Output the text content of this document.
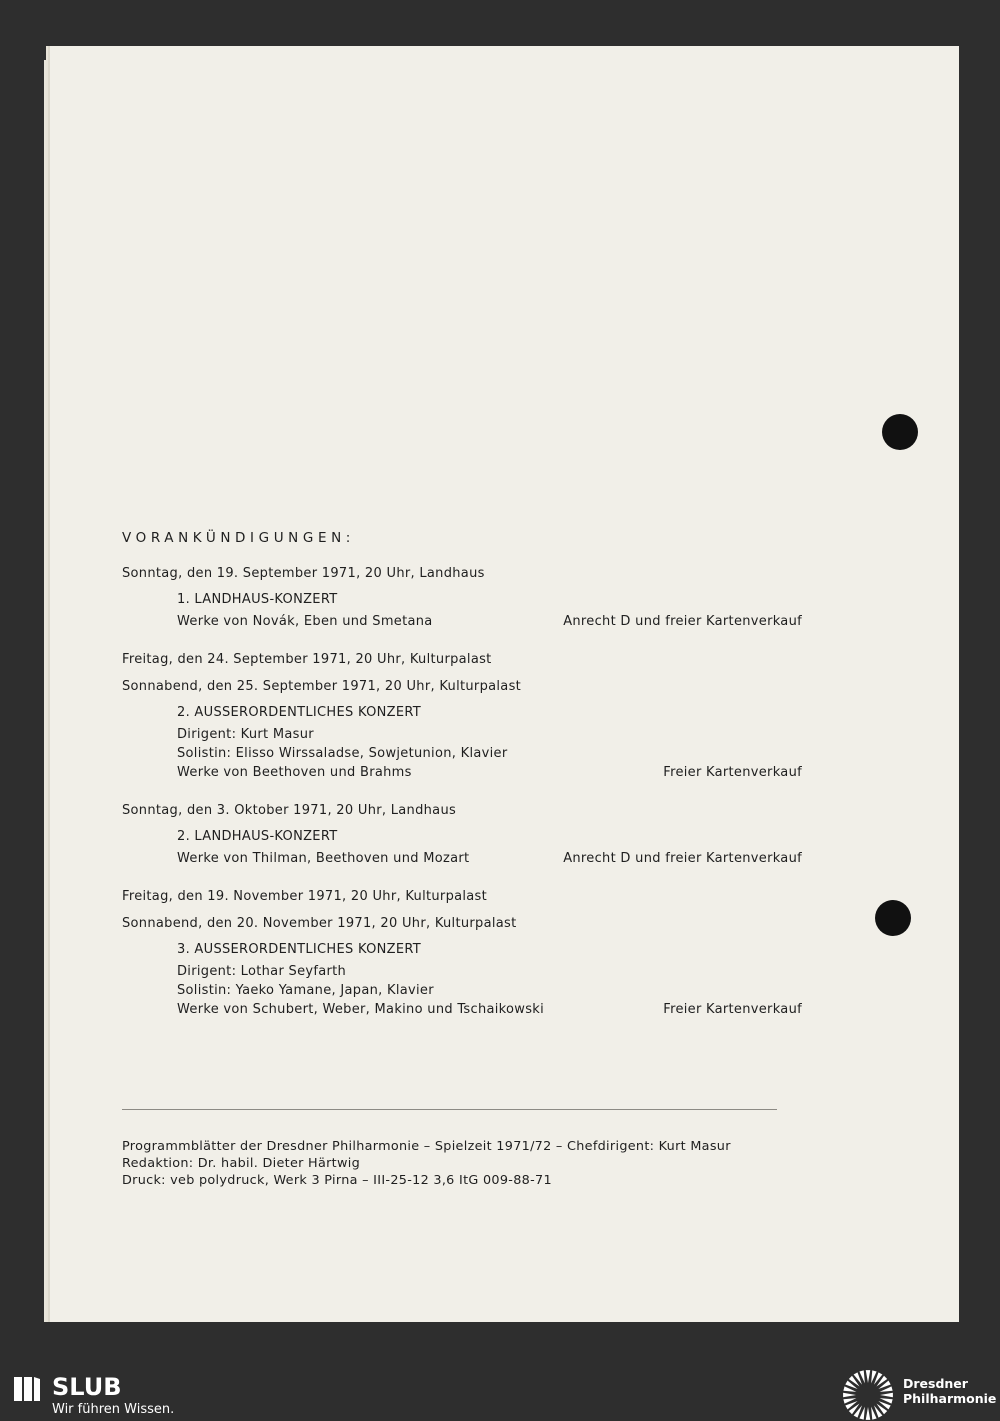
VORANKÜNDIGUNGEN:
Sonntag, den 19. September 1971, 20 Uhr, Landhaus
1. LANDHAUS-KONZERT
Werke von Novák, Eben und Smetana	Anrecht D und freier Kartenverkauf
Freitag, den 24. September 1971, 20 Uhr, Kulturpalast
Sonnabend, den 25. September 1971, 20 Uhr, Kulturpalast
2. AUSSERORDENTLICHES KONZERT
Dirigent: Kurt Masur
Solistin: Elisso Wirssaladse, Sowjetunion, Klavier
Werke von Beethoven und Brahms	Freier Kartenverkauf
Sonntag, den 3. Oktober 1971, 20 Uhr, Landhaus
2. LANDHAUS-KONZERT
Werke von Thilman, Beethoven und Mozart	Anrecht D und freier Kartenverkauf
Freitag, den 19. November 1971, 20 Uhr, Kulturpalast
Sonnabend, den 20. November 1971, 20 Uhr, Kulturpalast
3. AUSSERORDENTLICHES KONZERT
Dirigent: Lothar Seyfarth
Solistin: Yaeko Yamane, Japan, Klavier
Werke von Schubert, Weber, Makino und Tschaikowski	Freier Kartenverkauf
Programmblätter der Dresdner Philharmonie – Spielzeit 1971/72 – Chefdirigent: Kurt Masur
Redaktion: Dr. habil. Dieter Härtwig
Druck: veb polydruck, Werk 3 Pirna – III-25-12 3,6 ItG 009-88-71
SLUB
Wir führen Wissen.
Dresdner
Philharmonie
